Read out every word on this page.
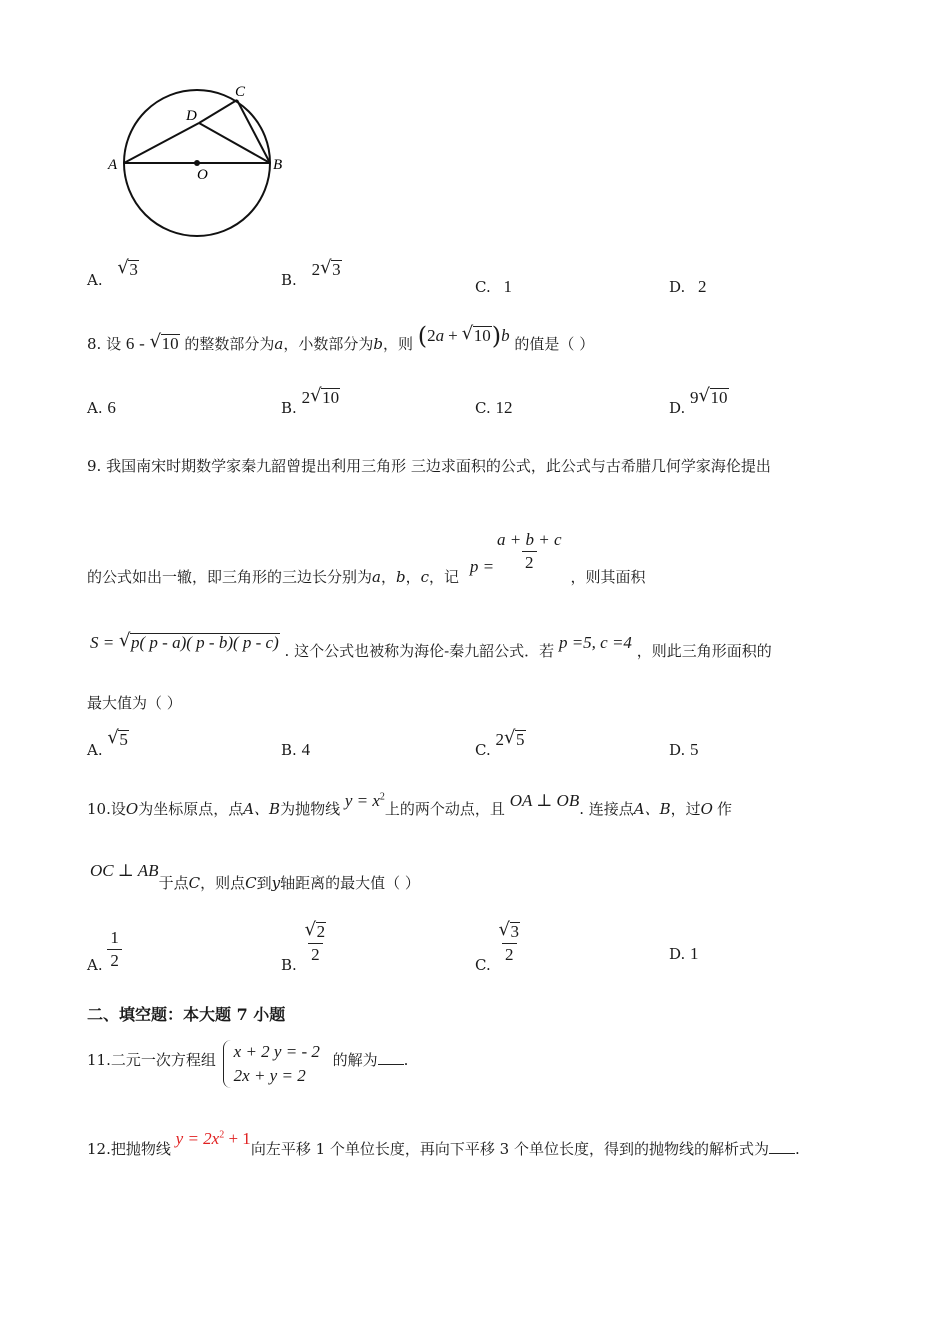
A	B
C
D
O
A.
√ 3
B. 2 √ 3
C. 1	D. 2
8. 设 6 - √ 10 的整数部分为a，小数部分为b，则 (2a + √ 10)b 的值是（ ）
A. 6	B. 2 √ 10
C. 12	D. 9 √ 10
9. 我国南宋时期数学家秦九韶曾提出利用三角形 三边求面积的公式，此公式与古希腊几何学家海伦提出
的公式如出一辙，即三角形的三边长分别为a，b，c，记 $p = \frac{a + b + c}{2}$
，则其面积
S = √ p( p - a)( p - b)( p - c) . 这个公式也被称为海伦-秦九韶公式．若 p =5, c =4 ，则此三角形面积的
最大值为（ ）
A.
√ 5
B. 4	C. 2 √ 5
D. 5
10.设O为坐标原点，点A、B为抛物线 $y = x^2$上的两个动点，且 OA ⊥ OB. 连接点A、B，过O 作
OC ⊥ AB于点C，则点C到y轴距离的最大值（ ）
A. $\frac{1}{2}$	B. $\frac{√ 2}{2}$	C. $\frac{√ 3}{2}$	D. 1
二、填空题：本大题 7 小题
11.二元一次方程组 x + 2 y = - 2
2x + y = 2
的解为 .
12.把抛物线 $y = 2x^2 + 1$向左平移 1 个单位长度，再向下平移 3 个单位长度，得到的抛物线的解析式为 .
